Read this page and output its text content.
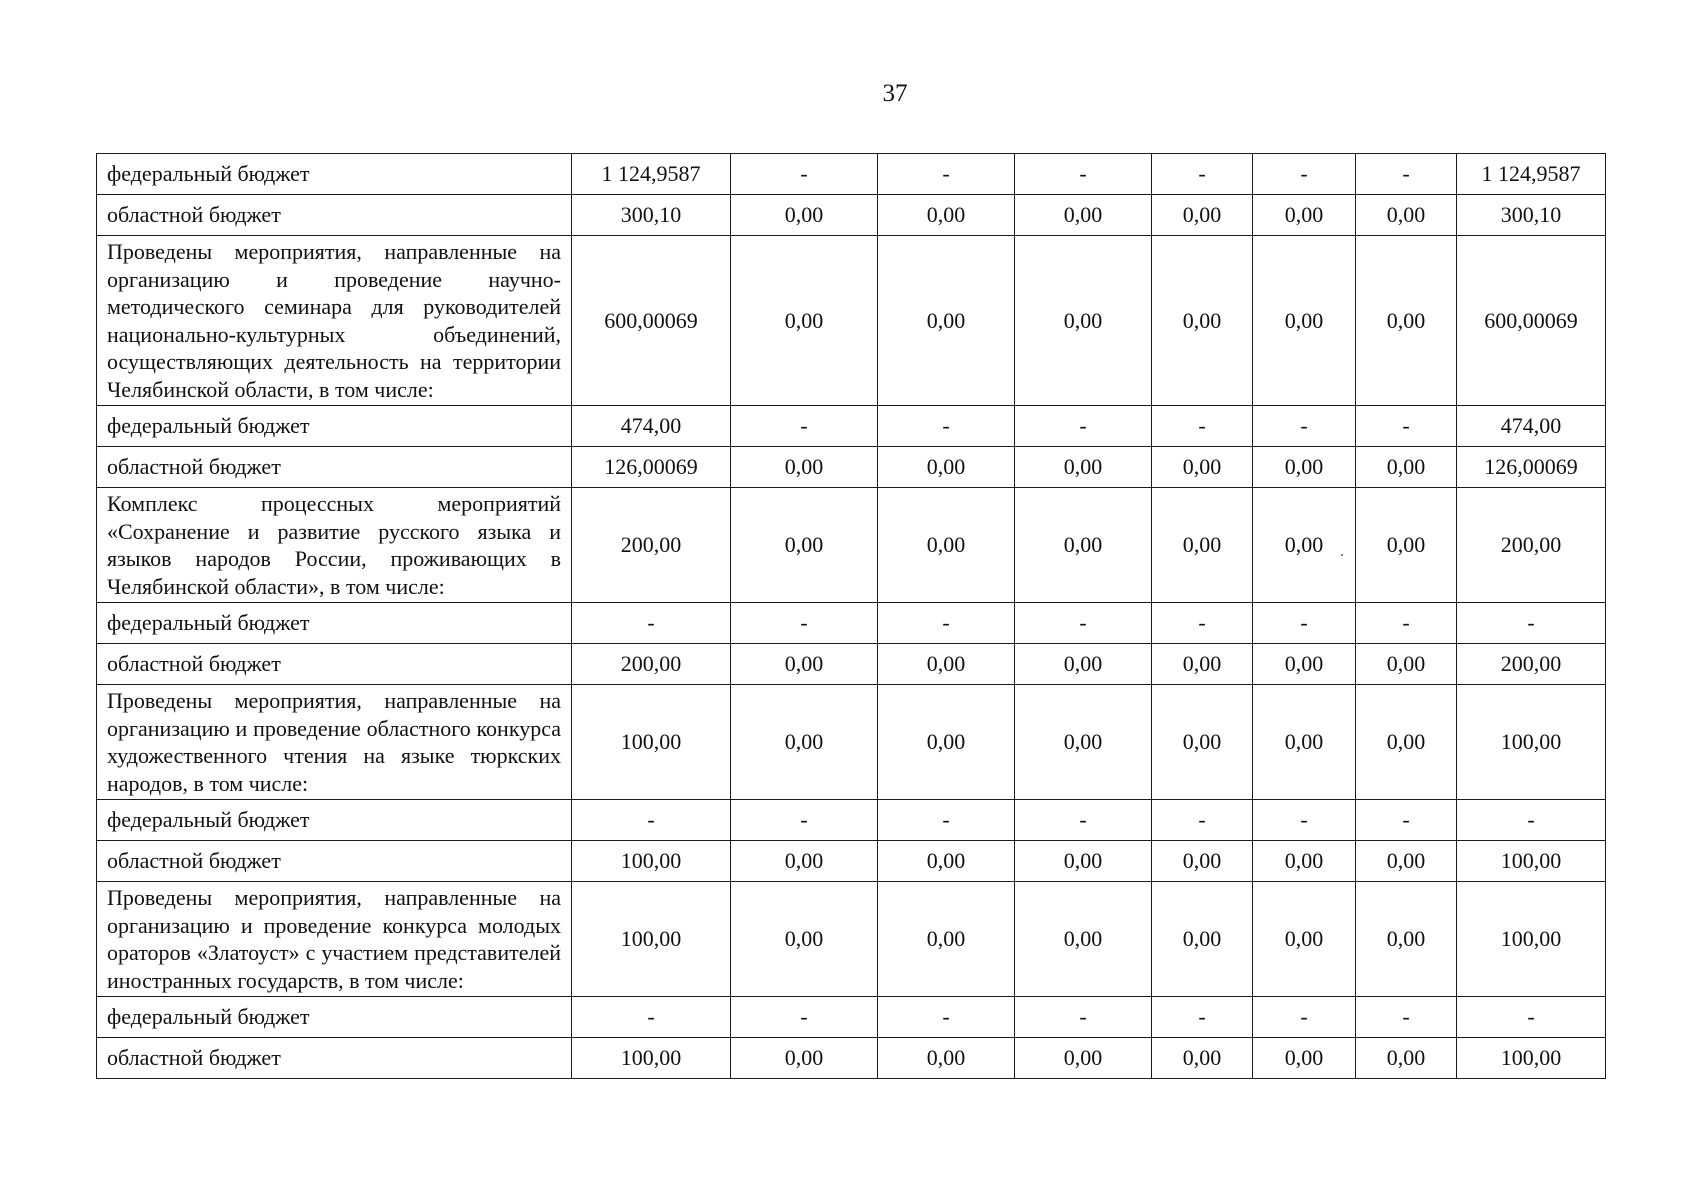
37
федеральный бюджет	1 124,9587	-	-	-	-	-	-	1 124,9587
областной бюджет	300,10	0,00	0,00	0,00	0,00	0,00	0,00	300,10
Проведены мероприятия, направленные на организацию и проведение научно-методического семинара для руководителей национально-культурных объединений, осуществляющих деятельность на территории Челябинской области, в том числе:	600,00069	0,00	0,00	0,00	0,00	0,00	0,00	600,00069
федеральный бюджет	474,00	-	-	-	-	-	-	474,00
областной бюджет	126,00069	0,00	0,00	0,00	0,00	0,00	0,00	126,00069
Комплекс процессных мероприятий «Сохранение и развитие русского языка и языков народов России, проживающих в Челябинской области», в том числе:	200,00	0,00	0,00	0,00	0,00	0,00	0,00	200,00
федеральный бюджет	-	-	-	-	-	-	-	-
областной бюджет	200,00	0,00	0,00	0,00	0,00	0,00	0,00	200,00
Проведены мероприятия, направленные на организацию и проведение областного конкурса художественного чтения на языке тюркских народов, в том числе:	100,00	0,00	0,00	0,00	0,00	0,00	0,00	100,00
федеральный бюджет	-	-	-	-	-	-	-	-
областной бюджет	100,00	0,00	0,00	0,00	0,00	0,00	0,00	100,00
Проведены мероприятия, направленные на организацию и проведение конкурса молодых ораторов «Златоуст» с участием представителей иностранных государств, в том числе:	100,00	0,00	0,00	0,00	0,00	0,00	0,00	100,00
федеральный бюджет	-	-	-	-	-	-	-	-
областной бюджет	100,00	0,00	0,00	0,00	0,00	0,00	0,00	100,00
